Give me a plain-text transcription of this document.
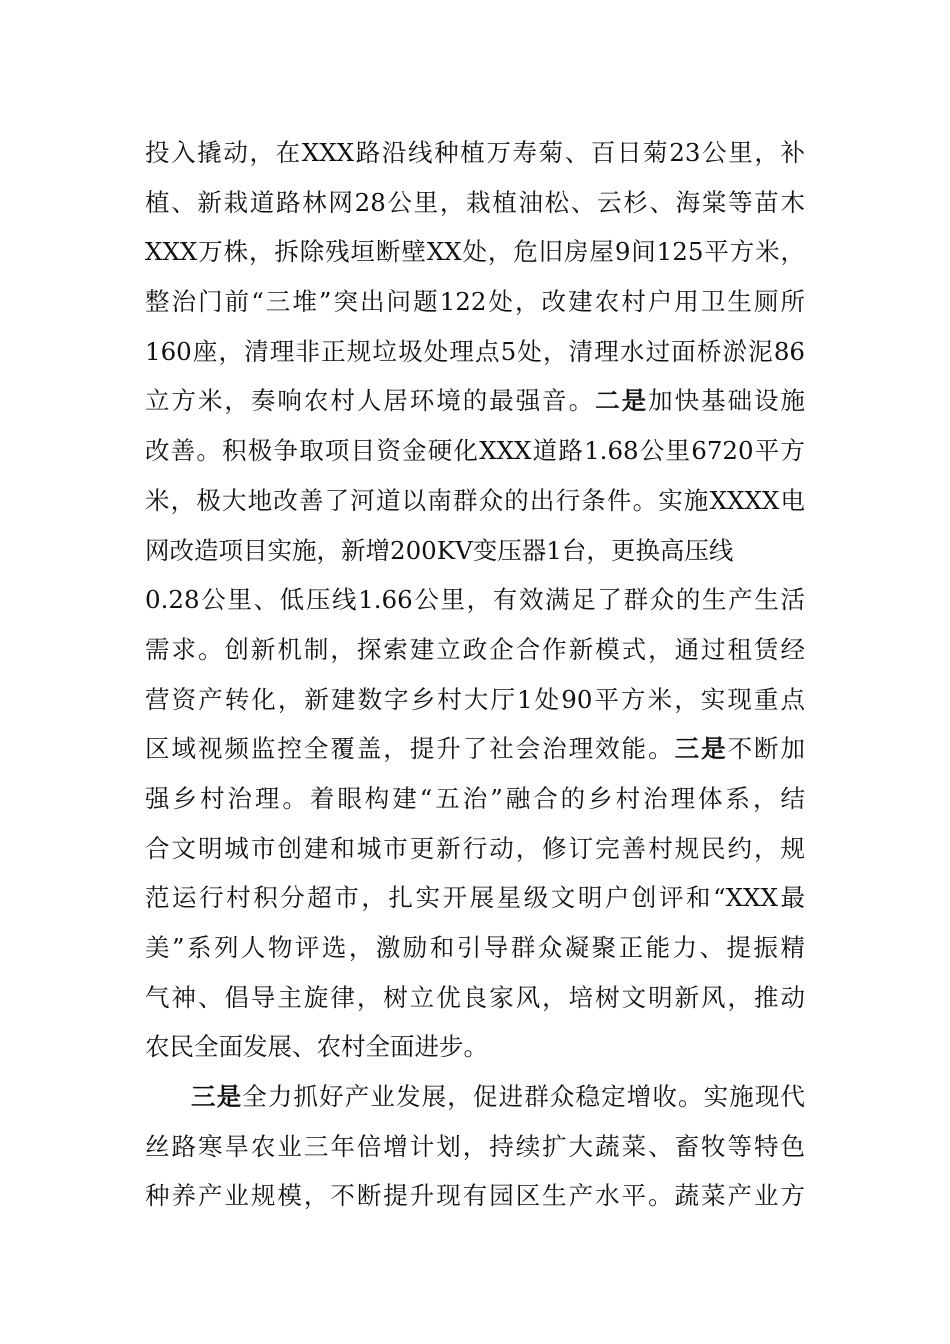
投入撬动，在XXX路沿线种植万寿菊、百日菊23公里，补
植、新栽道路林网28公里，栽植油松、云杉、海棠等苗木
XXX万株，拆除残垣断壁XX处，危旧房屋9间125平方米，
整治门前“三堆”突出问题122处，改建农村户用卫生厕所
160座，清理非正规垃圾处理点5处，清理水过面桥淤泥86
立方米，奏响农村人居环境的最强音。二是加快基础设施
改善。积极争取项目资金硬化XXX道路1.68公里6720平方
米，极大地改善了河道以南群众的出行条件。实施XXXX电
网改造项目实施，新增200KV变压器1台，更换高压线
0.28公里、低压线1.66公里，有效满足了群众的生产生活
需求。创新机制，探索建立政企合作新模式，通过租赁经
营资产转化，新建数字乡村大厅1处90平方米，实现重点
区域视频监控全覆盖，提升了社会治理效能。三是不断加
强乡村治理。着眼构建“五治”融合的乡村治理体系，结
合文明城市创建和城市更新行动，修订完善村规民约，规
范运行村积分超市，扎实开展星级文明户创评和“XXX最
美”系列人物评选，激励和引导群众凝聚正能力、提振精
气神、倡导主旋律，树立优良家风，培树文明新风，推动
农民全面发展、农村全面进步。
三是全力抓好产业发展，促进群众稳定增收。实施现代
丝路寒旱农业三年倍增计划，持续扩大蔬菜、畜牧等特色
种养产业规模，不断提升现有园区生产水平。蔬菜产业方
